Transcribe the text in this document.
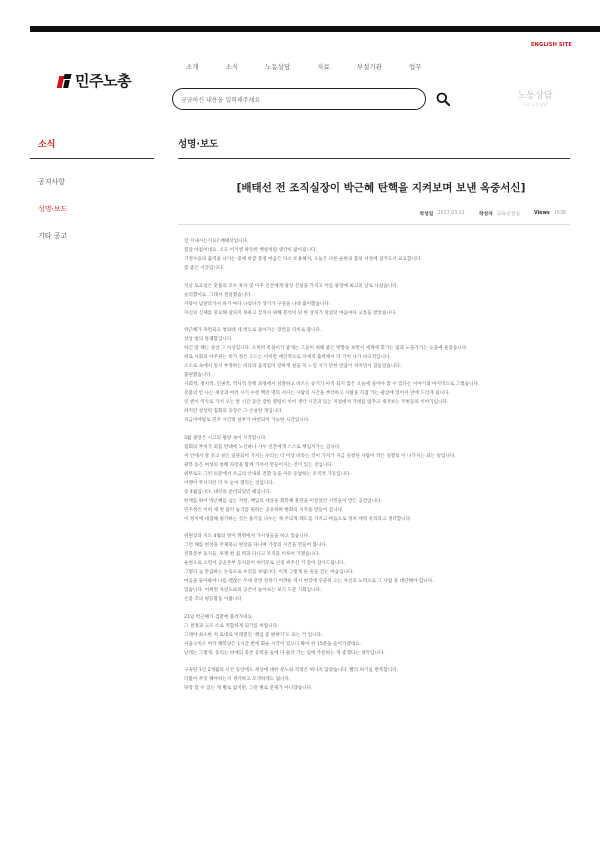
ENGLISH SITE
민주노총
소개	소식	노동상담	자료	부설기관	업무
궁금하신 내용을 입력해주세요	노동상담
무료 노동상담
소식
공지사항
성명·보도
기타 공고
성명·보도
[배태선 전 조직실장이 박근혜 탄핵을 지켜보며 보낸 옥중서신]
작성일 2017.03.21	작성자 교육선전실	Views 1538

잘 지내시는지요? 배태선입니다.

봄날 아침이네요. 오도 어거엔 따뜻한 햇살처럼 생각이 많아집니다.

기결수들의 출역을 나가는 중에 바깥 풍경 마음은 다소 조용해져, 오늘은 다른 순한의 봄의 서정에 잠겨도서 교요합니다.

봄 좋은 시간입니다.

지난 토요일은 촛불의 모두 혹자 및 이후 인간에게 광장 진실을 가지고 이를 광장에 최고의 날로 나섰습니다.

승리했어요. 그래서 결실했습니다.

자랑이 남달라가서 하기 마다 나섰다가 생기가 구경을 나대 출어했습니다.

자신의 신체를 중요해 살피지 못하고 끝까지 위해 분석이 된 한 상처가 깊었던 마음마다 고통을 받았습니다.

박근혜가 파면되고 청와대 세 번으로 돌아가는 장면을 티비로 봅니다.

상상 밖의 통쾌함입니다.

하긴 알 해는 상상 그 이상입니다. 오히려 옥살이가 좋게는 그들이 위해 좋은 방향을 보면서 세계에 휘가는 앎과 노을가기는 능을에 물었습니다.

위로 사회의 아주관는 비가 정은 소드는 이미만 애인적으로 자세적 출력에서 더 가치 나가 비극적입니다.

소소로 속에서 일시 부정하는 바다의 움직임이 장하게 살을 꼭 느낄 시기 만한 만큼이 커지면서 잠들었습니다.

불편했습니다.

사회적, 정치적, 인권적, 역사적 진행 과정에서 성찰하고 바르는 승기가 아직 되지 않은 오늘에 실어야 할 수 있다는 이야기의 마지막으로 그렇습니다.

촛불의 안 나는 세상과 여러 시기 수천 백만 명의 서사는 사람의 시간을 부탁하고 사람을 직접 가는 광장에 있어서 만에 드리게 됩니다.

연 엔이 역사로 가서 오는 반 시간 동안 장한 명령이 이어 생각 시간과 있는 지점에서 기대를 멈추고 새겨보는 주변들의 이야기입니다.

하지만 상상력 집회의 등장은 그 손실한 개입니다.

지금이야말로 민주 시간의 일부가 마련되어 가능한 시간입니다.

3월 광장은 시고의 평양 속이 시작합니다.

집회의 부처가 외를 반대에 노선하나 사우 인간에게 스스로 책임져가는 입니다.

저 안에서 잘 웃고 싶은 일관되어 가지는 우리는 더 이상 바라는 것이 가져가 지금 연결된 사람이 작은 성찰의 이 나가지는 되는 일입니다.

광복 동은 여성의 통해 자장을 함께 가져서 만들어지는 것이 있는 것입니다.

위무로도 그런 의문에서 조금의 안내와 전환 등을 자유 동참하는 조직적 가동입니다.

이젠이 무너지던 더 두 눈이 열리는 것입니다.

송 4월입니다. 대선의 준비되었던 때입니다.

한계를 뛰어 박근혜를 넘는 저항, 책임의 세상을 회복해 훈련을 이끌었던 시민들이 만든 공간입니다.

민주정은 이미 세 번 물러 놓기를 원하는 공유하며 변화의 시작을 만들어 갑니다.

이 정치에 대접해 평가하는 것은 용기를 나누는 제 주의적 태도를 가지고 마음으로 정치 세력 유리라고 생각합니다.

위원장과 지도 4월의 정이 혁명에서 가시성들을 하고 있습니다.

그런 해를 현상을 주제하고 현장을 다니며 가장의 시간을 만들어 봅니다.

전북본부 동지들, 투쟁 현 집 벽과 다니고 조직을 이루어 가겠습니다.

순천으로 오면서 공공본부 동지들이 여러모로 신경 써주신 거 같아 감사드립니다.

그렇다 높 만큼하는 논둑으로 우리를 보냅니다. 이게 그렇게 둔 길을 걷는 마음입니다.

마음을 돌아봐야 나를 괜찮은 두세 장면 전하기 어려운 역시 현장에 꾸준히 오는 자신의 노력으로 그 사람 중 대단해야 합니다.

있습니다. 어쩌면 자연도와의 공존이 놓아보는 보기 드문 기회입니다.

온몸 측의 평등함을 이룹니다.

21일 박근혜가 검찰에 불려가네요.

그 결정과 고도 소로 적합하게 되기를 바랍니다.

그래야 최소한 저 토대로 미래열인 '책임 좋 밝혀기'도 되는 거 입니다.

서울구치소 여자 해복당은 1시간 반에 화순 시간이 있으니 확이 한 15분을 들어가겠네요.

날래는 그렇게, 돌리는 비에의 중존 동력을 숲에 다 물러 가는 일에 주문하는 게 좋겠다는 생각입니다.

구속된 1년 2개월의 시간 동안에도 세상에 대한 분노와 걱정은 떠나지 않았습니다. 빨리 하기를 반복합니다.

더불어 무엇 해야하는지 생각하고 모색하게도 됩니다.

당장 할 수 있는 게 별로 없지만, 그런 별로 문제가 아니겠습니다.
